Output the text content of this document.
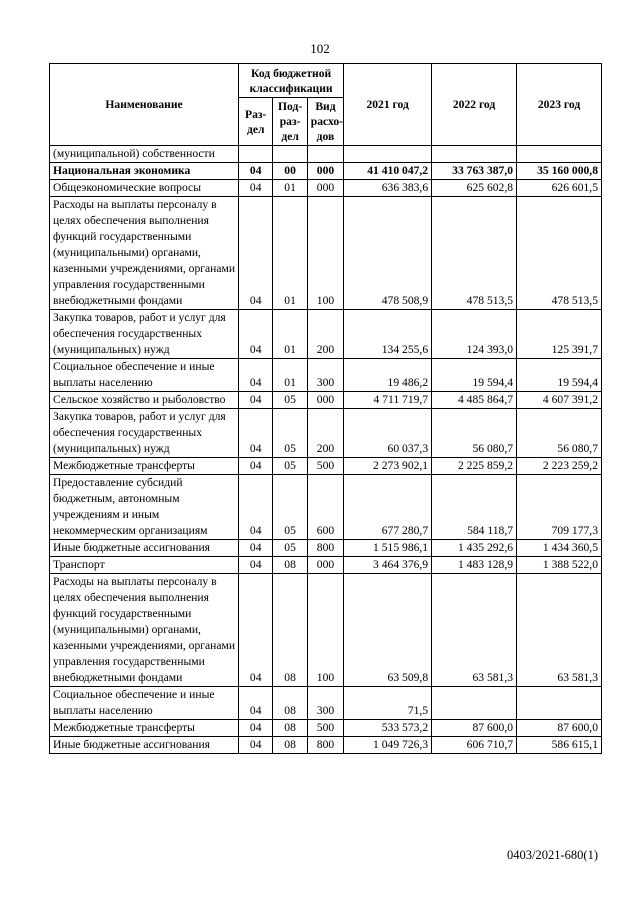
102
Наименование	Код бюджетной классификации			2021 год	2022 год	2023 год
	Раз-дел	Под-раз-дел	Вид расхо-дов			
(муниципальной) собственности						
Национальная экономика	04	00	000	41 410 047,2	33 763 387,0	35 160 000,8
Общеэкономические вопросы	04	01	000	636 383,6	625 602,8	626 601,5
Расходы на выплаты персоналу в целях обеспечения выполнения функций государственными (муниципальными) органами, казенными учреждениями, органами управления государственными внебюджетными фондами	04	01	100	478 508,9	478 513,5	478 513,5
Закупка товаров, работ и услуг для обеспечения государственных (муниципальных) нужд	04	01	200	134 255,6	124 393,0	125 391,7
Социальное обеспечение и иные выплаты населению	04	01	300	19 486,2	19 594,4	19 594,4
Сельское хозяйство и рыболовство	04	05	000	4 711 719,7	4 485 864,7	4 607 391,2
Закупка товаров, работ и услуг для обеспечения государственных (муниципальных) нужд	04	05	200	60 037,3	56 080,7	56 080,7
Межбюджетные трансферты	04	05	500	2 273 902,1	2 225 859,2	2 223 259,2
Предоставление субсидий бюджетным, автономным учреждениям и иным некоммерческим организациям	04	05	600	677 280,7	584 118,7	709 177,3
Иные бюджетные ассигнования	04	05	800	1 515 986,1	1 435 292,6	1 434 360,5
Транспорт	04	08	000	3 464 376,9	1 483 128,9	1 388 522,0
Расходы на выплаты персоналу в целях обеспечения выполнения функций государственными (муниципальными) органами, казенными учреждениями, органами управления государственными внебюджетными фондами	04	08	100	63 509,8	63 581,3	63 581,3
Социальное обеспечение и иные выплаты населению	04	08	300	71,5		
Межбюджетные трансферты	04	08	500	533 573,2	87 600,0	87 600,0
Иные бюджетные ассигнования	04	08	800	1 049 726,3	606 710,7	586 615,1
0403/2021-680(1)
